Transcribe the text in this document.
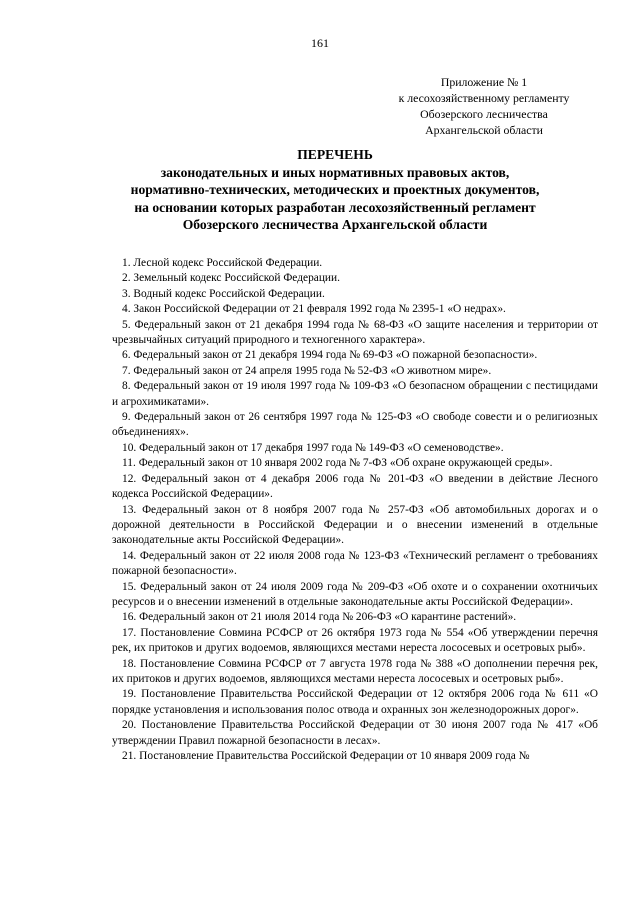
161
Приложение № 1
к лесохозяйственному регламенту
Обозерского лесничества
Архангельской области
ПЕРЕЧЕНЬ
законодательных и иных нормативных правовых актов,
нормативно-технических, методических и проектных документов,
на основании которых разработан лесохозяйственный регламент
Обозерского лесничества Архангельской области
1. Лесной кодекс Российской Федерации.
2. Земельный кодекс Российской Федерации.
3. Водный кодекс Российской Федерации.
4. Закон Российской Федерации от 21 февраля 1992 года № 2395-1 «О недрах».
5. Федеральный закон от 21 декабря 1994 года № 68-ФЗ «О защите населения и территории от чрезвычайных ситуаций природного и техногенного характера».
6. Федеральный закон от 21 декабря 1994 года № 69-ФЗ «О пожарной безопасности».
7. Федеральный закон от 24 апреля 1995 года № 52-ФЗ «О животном мире».
8. Федеральный закон от 19 июля 1997 года № 109-ФЗ «О безопасном обращении с пестицидами и агрохимикатами».
9. Федеральный закон от 26 сентября 1997 года № 125-ФЗ «О свободе совести и о религиозных объединениях».
10. Федеральный закон от 17 декабря 1997 года № 149-ФЗ «О семеноводстве».
11. Федеральный закон от 10 января 2002 года № 7-ФЗ «Об охране окружающей среды».
12. Федеральный закон от 4 декабря 2006 года № 201-ФЗ «О введении в действие Лесного кодекса Российской Федерации».
13. Федеральный закон от 8 ноября 2007 года № 257-ФЗ «Об автомобильных дорогах и о дорожной деятельности в Российской Федерации и о внесении изменений в отдельные законодательные акты Российской Федерации».
14. Федеральный закон от 22 июля 2008 года № 123-ФЗ «Технический регламент о требованиях пожарной безопасности».
15. Федеральный закон от 24 июля 2009 года № 209-ФЗ «Об охоте и о сохранении охотничьих ресурсов и о внесении изменений в отдельные законодательные акты Российской Федерации».
16. Федеральный закон от 21 июля 2014 года № 206-ФЗ «О карантине растений».
17. Постановление Совмина РСФСР от 26 октября 1973 года № 554 «Об утверждении перечня рек, их притоков и других водоемов, являющихся местами нереста лососевых и осетровых рыб».
18. Постановление Совмина РСФСР от 7 августа 1978 года № 388 «О дополнении перечня рек, их притоков и других водоемов, являющихся местами нереста лососевых и осетровых рыб».
19. Постановление Правительства Российской Федерации от 12 октября 2006 года № 611 «О порядке установления и использования полос отвода и охранных зон железнодорожных дорог».
20. Постановление Правительства Российской Федерации от 30 июня 2007 года № 417 «Об утверждении Правил пожарной безопасности в лесах».
21. Постановление Правительства Российской Федерации от 10 января 2009 года №
